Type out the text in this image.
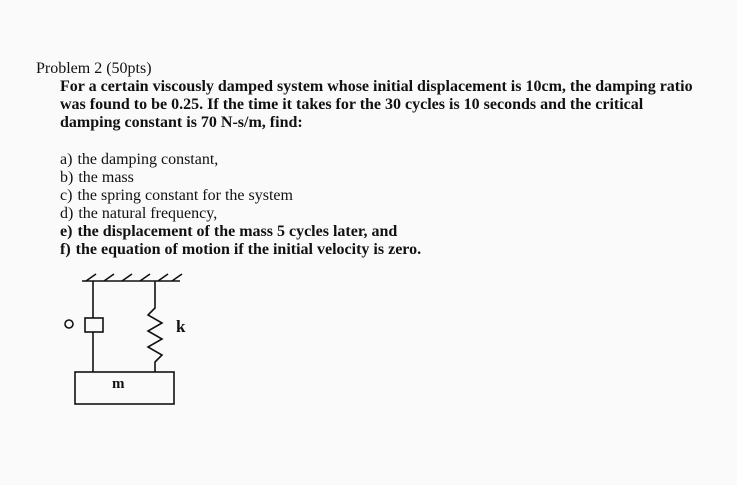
Problem 2 (50pts)
For a certain viscously damped system whose initial displacement is 10cm, the damping ratio
was found to be 0.25. If the time it takes for the 30 cycles is 10 seconds and the critical
damping constant is 70 N-s/m, find:
a) the damping constant,
b) the mass
c) the spring constant for the system
d) the natural frequency,
e) the displacement of the mass 5 cycles later, and
f) the equation of motion if the initial velocity is zero.
k
m
